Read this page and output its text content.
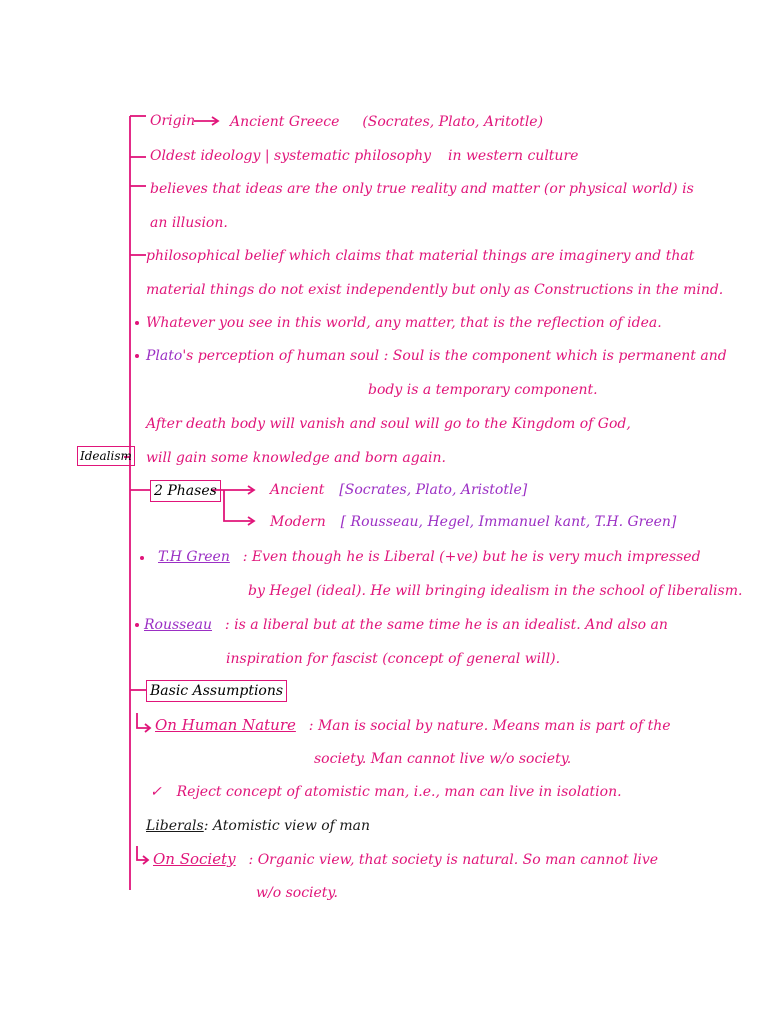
Idealism
Origin Ancient Greece (Socrates, Plato, Aritotle)
Oldest ideology | systematic philosophy in western culture
believes that ideas are the only true reality and matter (or physical world) is
an illusion.
philosophical belief which claims that material things are imaginery and that
material things do not exist independently but only as Constructions in the mind.
Whatever you see in this world, any matter, that is the reflection of idea.
Plato's perception of human soul : Soul is the component which is permanent and
body is a temporary component.
After death body will vanish and soul will go to the Kingdom of God,
will gain some knowledge and born again.
2 Phases	Ancient [Socrates, Plato, Aristotle]
Modern [ Rousseau, Hegel, Immanuel kant, T.H. Green]
T.H Green : Even though he is Liberal (+ve) but he is very much impressed
by Hegel (ideal). He will bringing idealism in the school of liberalism.
Rousseau : is a liberal but at the same time he is an idealist. And also an
inspiration for fascist (concept of general will).
Basic Assumptions
On Human Nature : Man is social by nature. Means man is part of the
society. Man cannot live w/o society.
✓ Reject concept of atomistic man, i.e., man can live in isolation.
Liberals: Atomistic view of man
On Society : Organic view, that society is natural. So man cannot live
w/o society.
